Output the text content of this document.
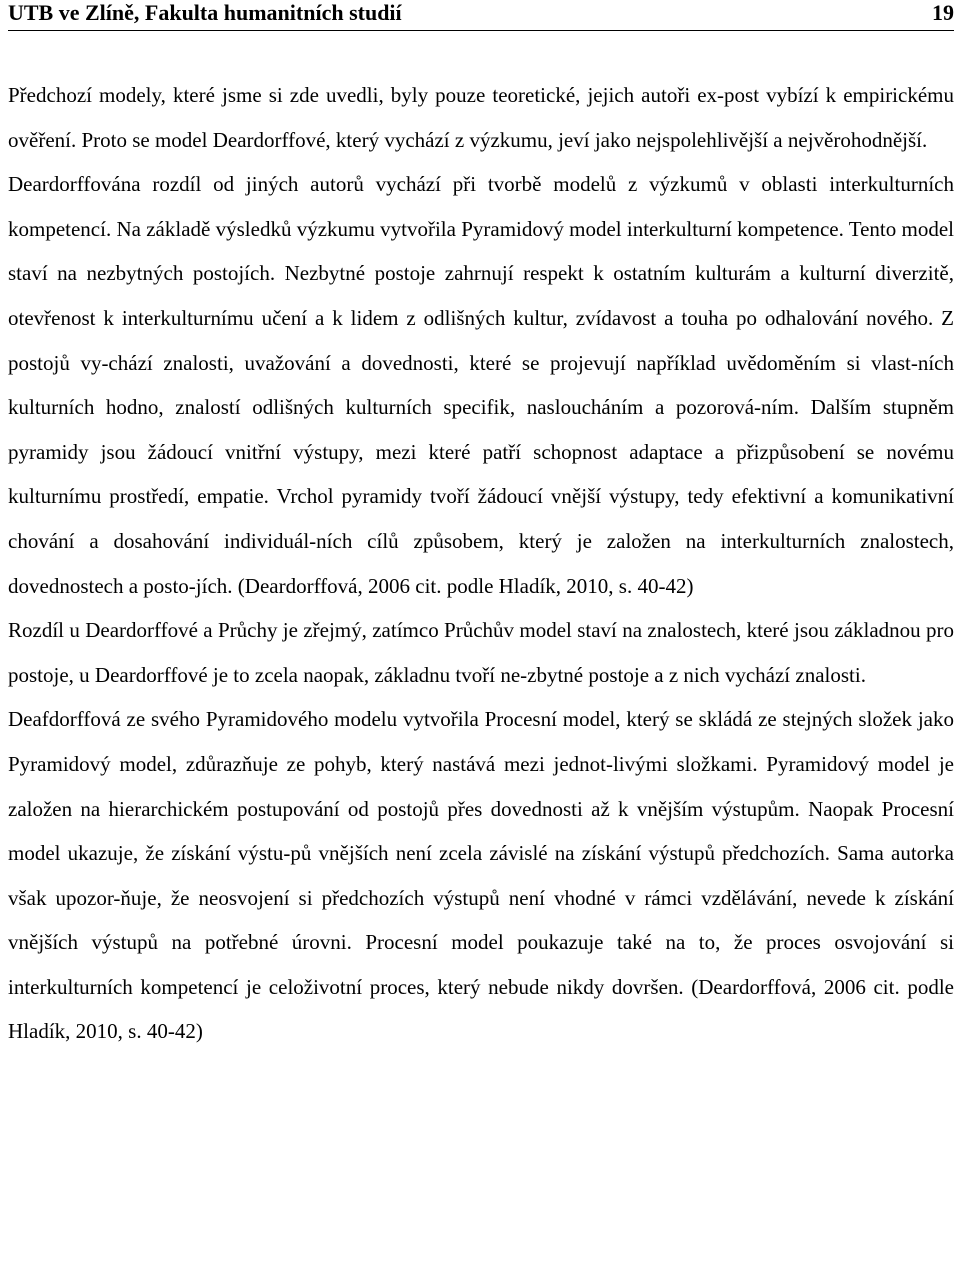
UTB ve Zlíně, Fakulta humanitních studií	19

Předchozí modely, které jsme si zde uvedli, byly pouze teoretické, jejich autoři ex-post vybízí k empirickému ověření. Proto se model Deardorffové, který vychází z výzkumu, jeví jako nejspolehlivější a nejvěrohodnější.

Deardorffována rozdíl od jiných autorů vychází při tvorbě modelů z výzkumů v oblasti interkulturních kompetencí. Na základě výsledků výzkumu vytvořila Pyramidový model interkulturní kompetence. Tento model staví na nezbytných postojích. Nezbytné postoje zahrnují respekt k ostatním kulturám a kulturní diverzitě, otevřenost k interkulturnímu učení a k lidem z odlišných kultur, zvídavost a touha po odhalování nového. Z postojů vy-chází znalosti, uvažování a dovednosti, které se projevují například uvědoměním si vlast-ních kulturních hodno, znalostí odlišných kulturních specifik, nasloucháním a pozorová-ním. Dalším stupněm pyramidy jsou žádoucí vnitřní výstupy, mezi které patří schopnost adaptace a přizpůsobení se novému kulturnímu prostředí, empatie. Vrchol pyramidy tvoří žádoucí vnější výstupy, tedy efektivní a komunikativní chování a dosahování individuál-ních cílů způsobem, který je založen na interkulturních znalostech, dovednostech a posto-jích. (Deardorffová, 2006 cit. podle Hladík, 2010, s. 40-42)

Rozdíl u Deardorffové a Průchy je zřejmý, zatímco Průchův model staví na znalostech, které jsou základnou pro postoje, u Deardorffové je to zcela naopak, základnu tvoří ne-zbytné postoje a z nich vychází znalosti.

Deafdorffová ze svého Pyramidového modelu vytvořila Procesní model, který se skládá ze stejných složek jako Pyramidový model, zdůrazňuje ze pohyb, který nastává mezi jednot-livými složkami. Pyramidový model je založen na hierarchickém postupování od postojů přes dovednosti až k vnějším výstupům. Naopak Procesní model ukazuje, že získání výstu-pů vnějších není zcela závislé na získání výstupů předchozích. Sama autorka však upozor-ňuje, že neosvojení si předchozích výstupů není vhodné v rámci vzdělávání, nevede k získání vnějších výstupů na potřebné úrovni. Procesní model poukazuje také na to, že proces osvojování si interkulturních kompetencí je celoživotní proces, který nebude nikdy dovršen. (Deardorffová, 2006 cit. podle Hladík, 2010, s. 40-42)
